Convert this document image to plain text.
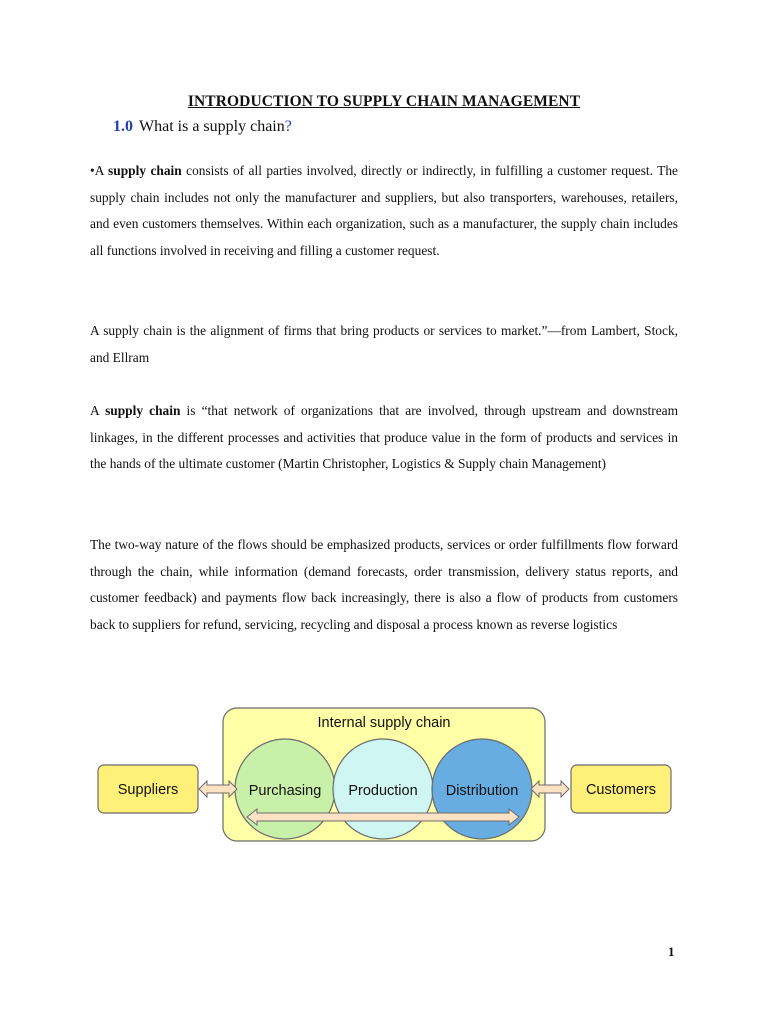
INTRODUCTION TO SUPPLY CHAIN MANAGEMENT
1.0 What is a supply chain?

•A supply chain consists of all parties involved, directly or indirectly, in fulfilling a customer request. The supply chain includes not only the manufacturer and suppliers, but also transporters, warehouses, retailers, and even customers themselves. Within each organization, such as a manufacturer, the supply chain includes all functions involved in receiving and filling a customer request.

A supply chain is the alignment of firms that bring products or services to market.”—from Lambert, Stock, and Ellram

A supply chain is “that network of organizations that are involved, through upstream and downstream linkages, in the different processes and activities that produce value in the form of products and services in the hands of the ultimate customer (Martin Christopher, Logistics & Supply chain Management)

The two-way nature of the flows should be emphasized products, services or order fulfillments flow forward through the chain, while information (demand forecasts, order transmission, delivery status reports, and customer feedback) and payments flow back increasingly, there is also a flow of products from customers back to suppliers for refund, servicing, recycling and disposal a process known as reverse logistics

Internal supply chain
Suppliers	Customers
Purchasing Production Distribution
1
